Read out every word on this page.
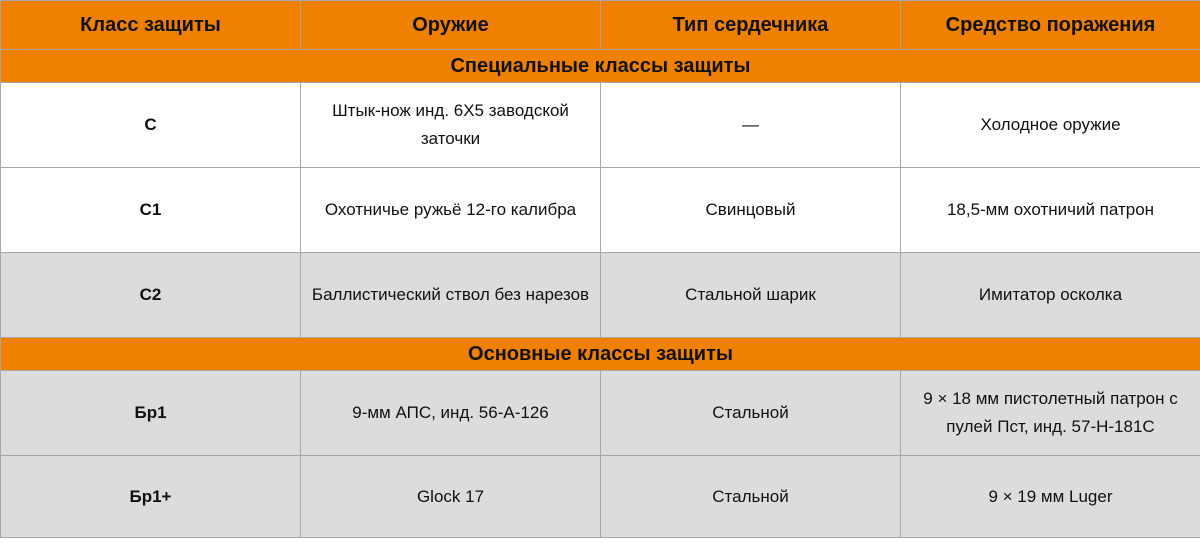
Класс защиты	Оружие	Тип сердечника	Средство поражения
Специальные классы защиты			
С	Штык-нож инд. 6Х5 заводской заточки	—	Холодное оружие
С1	Охотничье ружьё 12-го калибра	Свинцовый	18,5-мм охотничий патрон
С2	Баллистический ствол без нарезов	Стальной шарик	Имитатор осколка
Основные классы защиты			
Бр1	9-мм АПС, инд. 56-А-126	Стальной	9 × 18 мм пистолетный патрон с пулей Пст, инд. 57-Н-181С
Бр1+	Glock 17	Стальной	9 × 19 мм Luger
